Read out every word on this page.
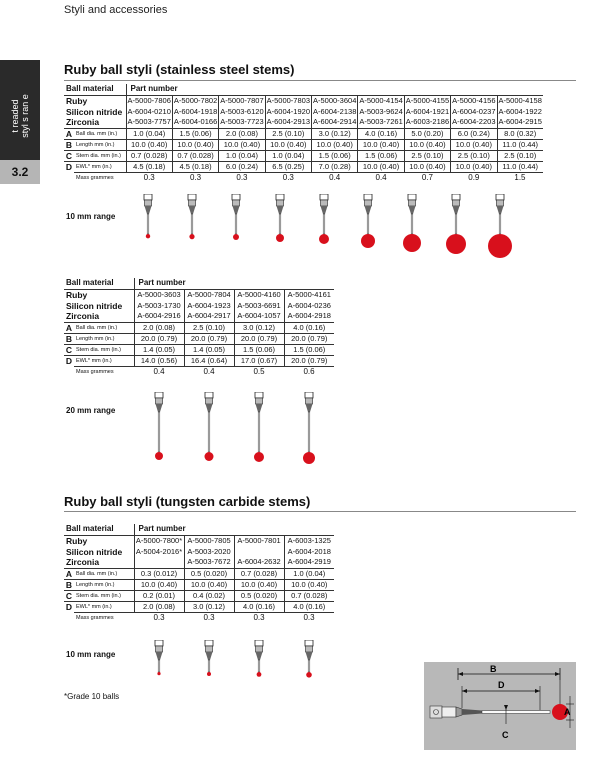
Styli and accessories
t readed styl s ran e
3.2
Ruby ball styli (stainless steel stems)
Ruby ball styli (tungsten carbide stems)
Ball material		Part number								
Ruby		A-5000-7806	A-5000-7802	A-5000-7807	A-5000-7803	A-5000-3604	A-5000-4154	A-5000-4155	A-5000-4156	A-5000-4158
Silicon nitride		A-6004-0210	A-6004-1918	A-5003-6120	A-6004-1920	A-6004-2138	A-5003-9624	A-6004-1921	A-6004-0237	A-6004-1922
Zirconia		A-5003-7757	A-6004-0166	A-5003-7723	A-6004-2913	A-6004-2914	A-5003-7261	A-6003-2186	A-6004-2203	A-6004-2915
A	Ball dia. mm (in.)	1.0 (0.04)	1.5 (0.06)	2.0 (0.08)	2.5 (0.10)	3.0 (0.12)	4.0 (0.16)	5.0 (0.20)	6.0 (0.24)	8.0 (0.32)
B	Length mm (in.)	10.0 (0.40)	10.0 (0.40)	10.0 (0.40)	10.0 (0.40)	10.0 (0.40)	10.0 (0.40)	10.0 (0.40)	10.0 (0.40)	11.0 (0.44)
C	Stem dia. mm (in.)	0.7 (0.028)	0.7 (0.028)	1.0 (0.04)	1.0 (0.04)	1.5 (0.06)	1.5 (0.06)	2.5 (0.10)	2.5 (0.10)	2.5 (0.10)
D	EWL* mm (in.)	4.5 (0.18)	4.5 (0.18)	6.0 (0.24)	6.5 (0.25)	7.0 (0.28)	10.0 (0.40)	10.0 (0.40)	10.0 (0.40)	11.0 (0.44)
	Mass grammes	0.3	0.3	0.3	0.3	0.4	0.4	0.7	0.9	1.5
10 mm range
Ball material		Part number			
Ruby		A-5000-3603	A-5000-7804	A-5000-4160	A-5000-4161
Silicon nitride		A-5003-1730	A-6004-1923	A-5003-6691	A-6004-0236
Zirconia		A-6004-2916	A-6004-2917	A-6004-1057	A-6004-2918
A	Ball dia. mm (in.)	2.0 (0.08)	2.5 (0.10)	3.0 (0.12)	4.0 (0.16)
B	Length mm (in.)	20.0 (0.79)	20.0 (0.79)	20.0 (0.79)	20.0 (0.79)
C	Stem dia. mm (in.)	1.4 (0.05)	1.4 (0.05)	1.5 (0.06)	1.5 (0.06)
D	EWL* mm (in.)	14.0 (0.56)	16.4 (0.64)	17.0 (0.67)	20.0 (0.79)
	Mass grammes	0.4	0.4	0.5	0.6
20 mm range
Ball material		Part number			
Ruby		A-5000-7800*	A-5000-7805	A-5000-7801	A-6003-1325
Silicon nitride		A-5004-2016*	A-5003-2020		A-6004-2018
Zirconia			A-5003-7672	A-6004-2632	A-6004-2919
A	Ball dia. mm (in.)	0.3 (0.012)	0.5 (0.020)	0.7 (0.028)	1.0 (0.04)
B	Length mm (in.)	10.0 (0.40)	10.0 (0.40)	10.0 (0.40)	10.0 (0.40)
C	Stem dia. mm (in.)	0.2 (0.01)	0.4 (0.02)	0.5 (0.020)	0.7 (0.028)
D	EWL* mm (in.)	2.0 (0.08)	3.0 (0.12)	4.0 (0.16)	4.0 (0.16)
	Mass grammes	0.3	0.3	0.3	0.3
10 mm range
*Grade 10 balls
B
D
A
C
